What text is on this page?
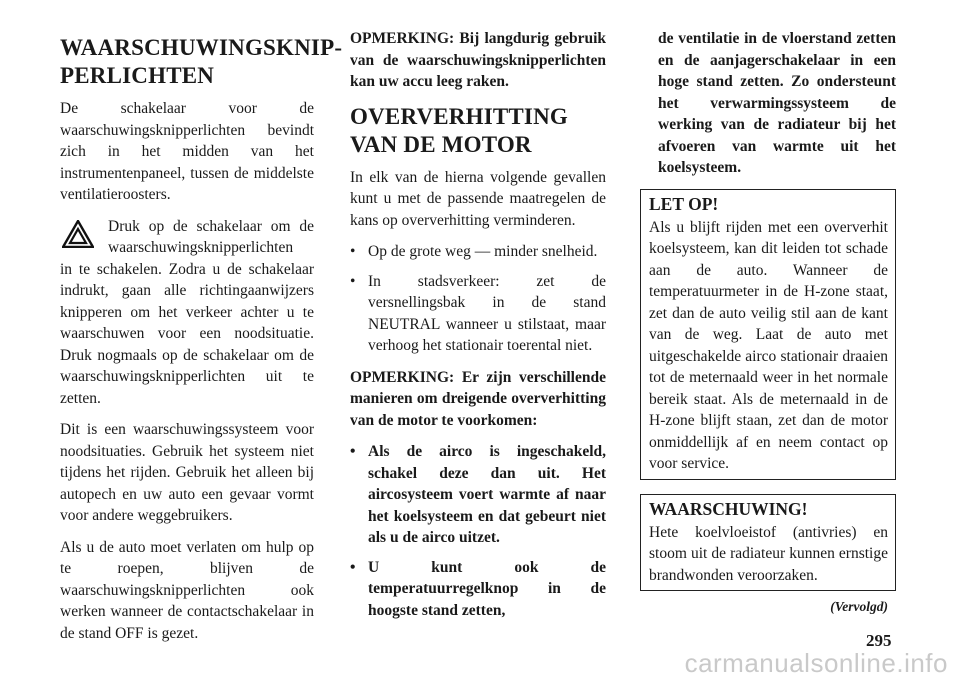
WAARSCHUWINGSKNIP- PERLICHTEN

De schakelaar voor de waarschuwingsknipperlichten bevindt zich in het midden van het instrumentenpaneel, tussen de middelste ventilatieroosters.

Druk op de schakelaar om de waarschuwingsknipperlichten

in te schakelen. Zodra u de schakelaar indrukt, gaan alle richtingaanwijzers knipperen om het verkeer achter u te waarschuwen voor een noodsituatie. Druk nogmaals op de schakelaar om de waarschuwingsknipperlichten uit te zetten.

Dit is een waarschuwingssysteem voor noodsituaties. Gebruik het systeem niet tijdens het rijden. Gebruik het alleen bij autopech en uw auto een gevaar vormt voor andere weggebruikers.

Als u de auto moet verlaten om hulp op te roepen, blijven de waarschuwingsknipperlichten ook werken wanneer de contactschakelaar in de stand OFF is gezet.

OPMERKING: Bij langdurig gebruik van de waarschuwingsknipperlichten kan uw accu leeg raken.

OVERVERHITTING VAN DE MOTOR

In elk van de hierna volgende gevallen kunt u met de passende maatregelen de kans op oververhitting verminderen.

• Op de grote weg — minder snelheid.
• In stadsverkeer: zet de versnellingsbak in de stand NEUTRAL wanneer u stilstaat, maar verhoog het stationair toerental niet.

OPMERKING: Er zijn verschillende manieren om dreigende oververhitting van de motor te voorkomen:

• Als de airco is ingeschakeld, schakel deze dan uit. Het aircosysteem voert warmte af naar het koelsysteem en dat gebeurt niet als u de airco uitzet.
• U kunt ook de temperatuurregelknop in de hoogste stand zetten,

de ventilatie in de vloerstand zetten en de aanjagerschakelaar in een hoge stand zetten. Zo ondersteunt het verwarmingssysteem de werking van de radiateur bij het afvoeren van warmte uit het koelsysteem.

LET OP!

Als u blijft rijden met een oververhit koelsysteem, kan dit leiden tot schade aan de auto. Wanneer de temperatuurmeter in de H-zone staat, zet dan de auto veilig stil aan de kant van de weg. Laat de auto met uitgeschakelde airco stationair draaien tot de meternaald weer in het normale bereik staat. Als de meternaald in de H-zone blijft staan, zet dan de motor onmiddellijk af en neem contact op voor service.

WAARSCHUWING!

Hete koelvloeistof (antivries) en stoom uit de radiateur kunnen ernstige brandwonden veroorzaken.

(Vervolgd)
295
carmanualsonline.info
